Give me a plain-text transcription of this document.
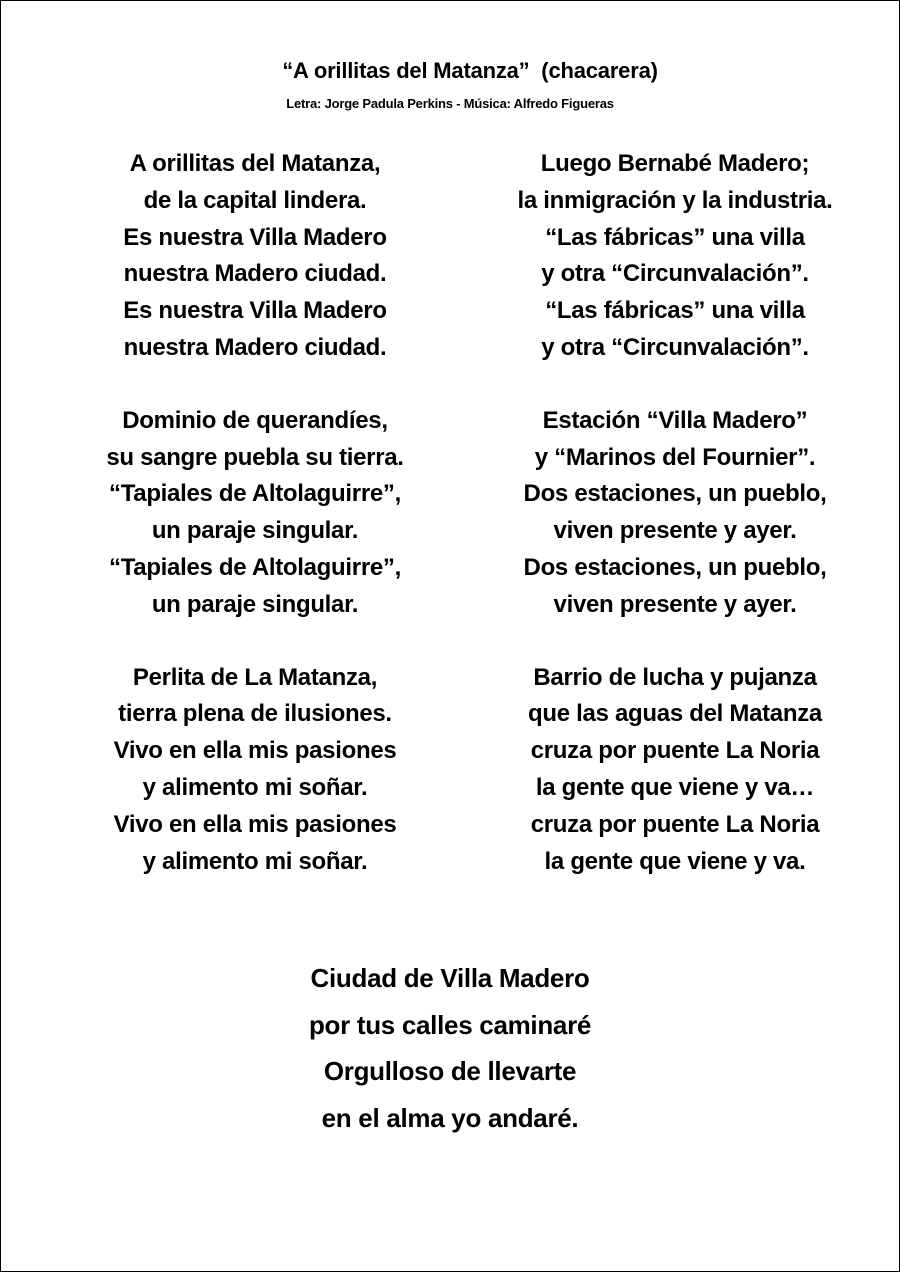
“A orillitas del Matanza”  (chacarera)
Letra: Jorge Padula Perkins - Música: Alfredo Figueras
A orillitas del Matanza,
de la capital lindera.
Es nuestra Villa Madero
nuestra Madero ciudad.
Es nuestra Villa Madero
nuestra Madero ciudad.
Dominio de querandíes,
su sangre puebla su tierra.
“Tapiales de Altolaguirre”,
un paraje singular.
“Tapiales de Altolaguirre”,
un paraje singular.
Perlita de La Matanza,
tierra plena de ilusiones.
Vivo en ella mis pasiones
y alimento mi soñar.
Vivo en ella mis pasiones
y alimento mi soñar.
Luego Bernabé Madero;
la inmigración y la industria.
“Las fábricas” una villa
y otra “Circunvalación”.
“Las fábricas” una villa
y otra “Circunvalación”.
Estación “Villa Madero”
y “Marinos del Fournier”.
Dos estaciones, un pueblo,
viven presente y ayer.
Dos estaciones, un pueblo,
viven presente y ayer.
Barrio de lucha y pujanza
que las aguas del Matanza
cruza por puente La Noria
la gente que viene y va…
cruza por puente La Noria
la gente que viene y va.
Ciudad de Villa Madero
por tus calles caminaré
Orgulloso de llevarte
en el alma yo andaré.
